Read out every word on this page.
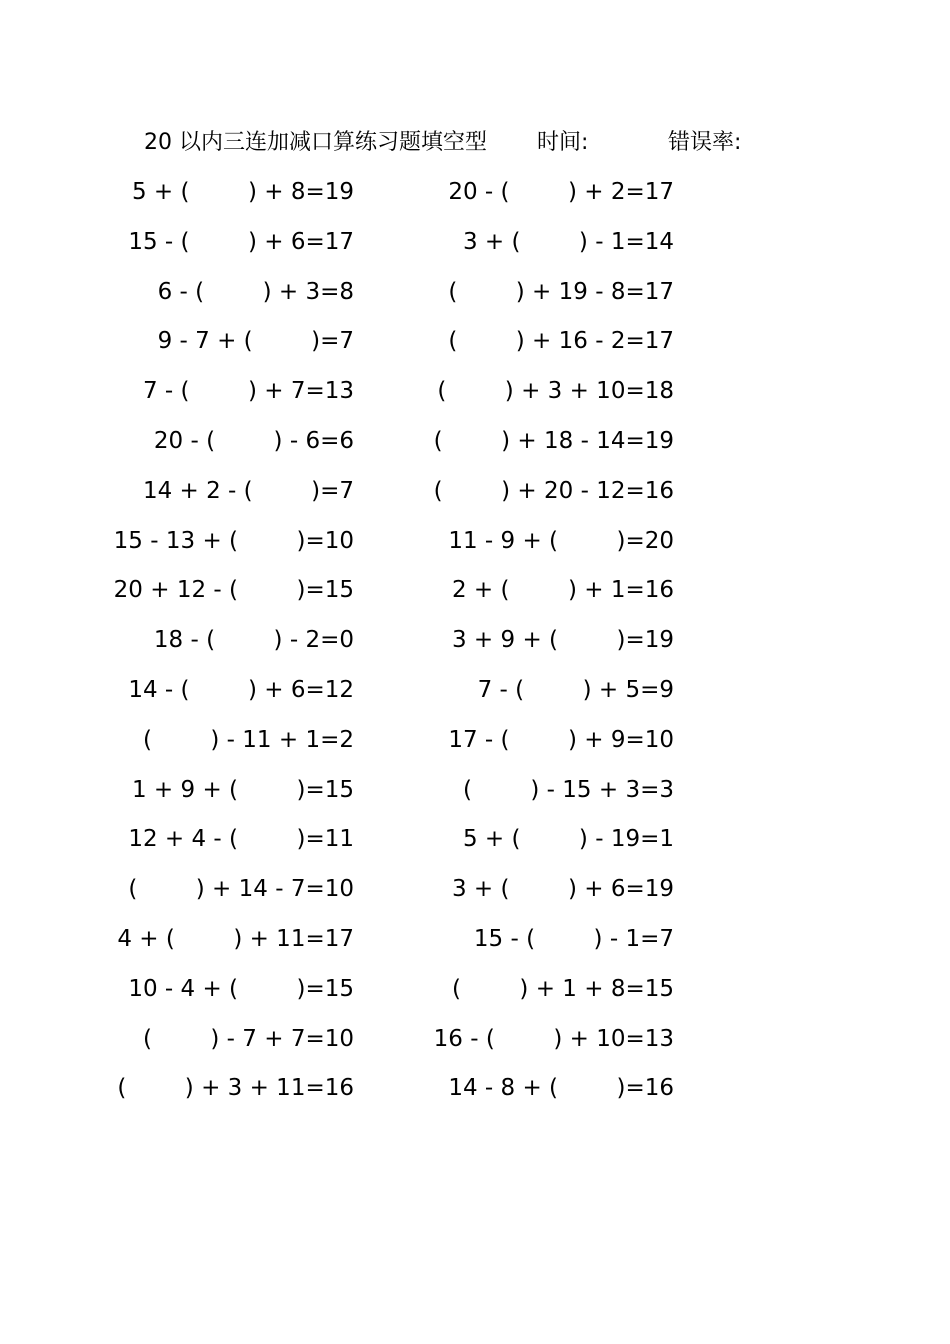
20 以内三连加减口算练习题填空型 时间:	错误率:
5 + (        ) + 8=19	20 - (        ) + 2=17
15 - (        ) + 6=17	3 + (        ) - 1=14
6 - (        ) + 3=8	(        ) + 19 - 8=17
9 - 7 + (        )=7	(        ) + 16 - 2=17
7 - (        ) + 7=13	(        ) + 3 + 10=18
20 - (        ) - 6=6	(        ) + 18 - 14=19
14 + 2 - (        )=7	(        ) + 20 - 12=16
15 - 13 + (        )=10	11 - 9 + (        )=20
20 + 12 - (        )=15	2 + (        ) + 1=16
18 - (        ) - 2=0	3 + 9 + (        )=19
14 - (        ) + 6=12	7 - (        ) + 5=9
(        ) - 11 + 1=2	17 - (        ) + 9=10
1 + 9 + (        )=15	(        ) - 15 + 3=3
12 + 4 - (        )=11	5 + (        ) - 19=1
(        ) + 14 - 7=10	3 + (        ) + 6=19
4 + (        ) + 11=17	15 - (        ) - 1=7
10 - 4 + (        )=15	(        ) + 1 + 8=15
(        ) - 7 + 7=10	16 - (        ) + 10=13
(        ) + 3 + 11=16	14 - 8 + (        )=16
